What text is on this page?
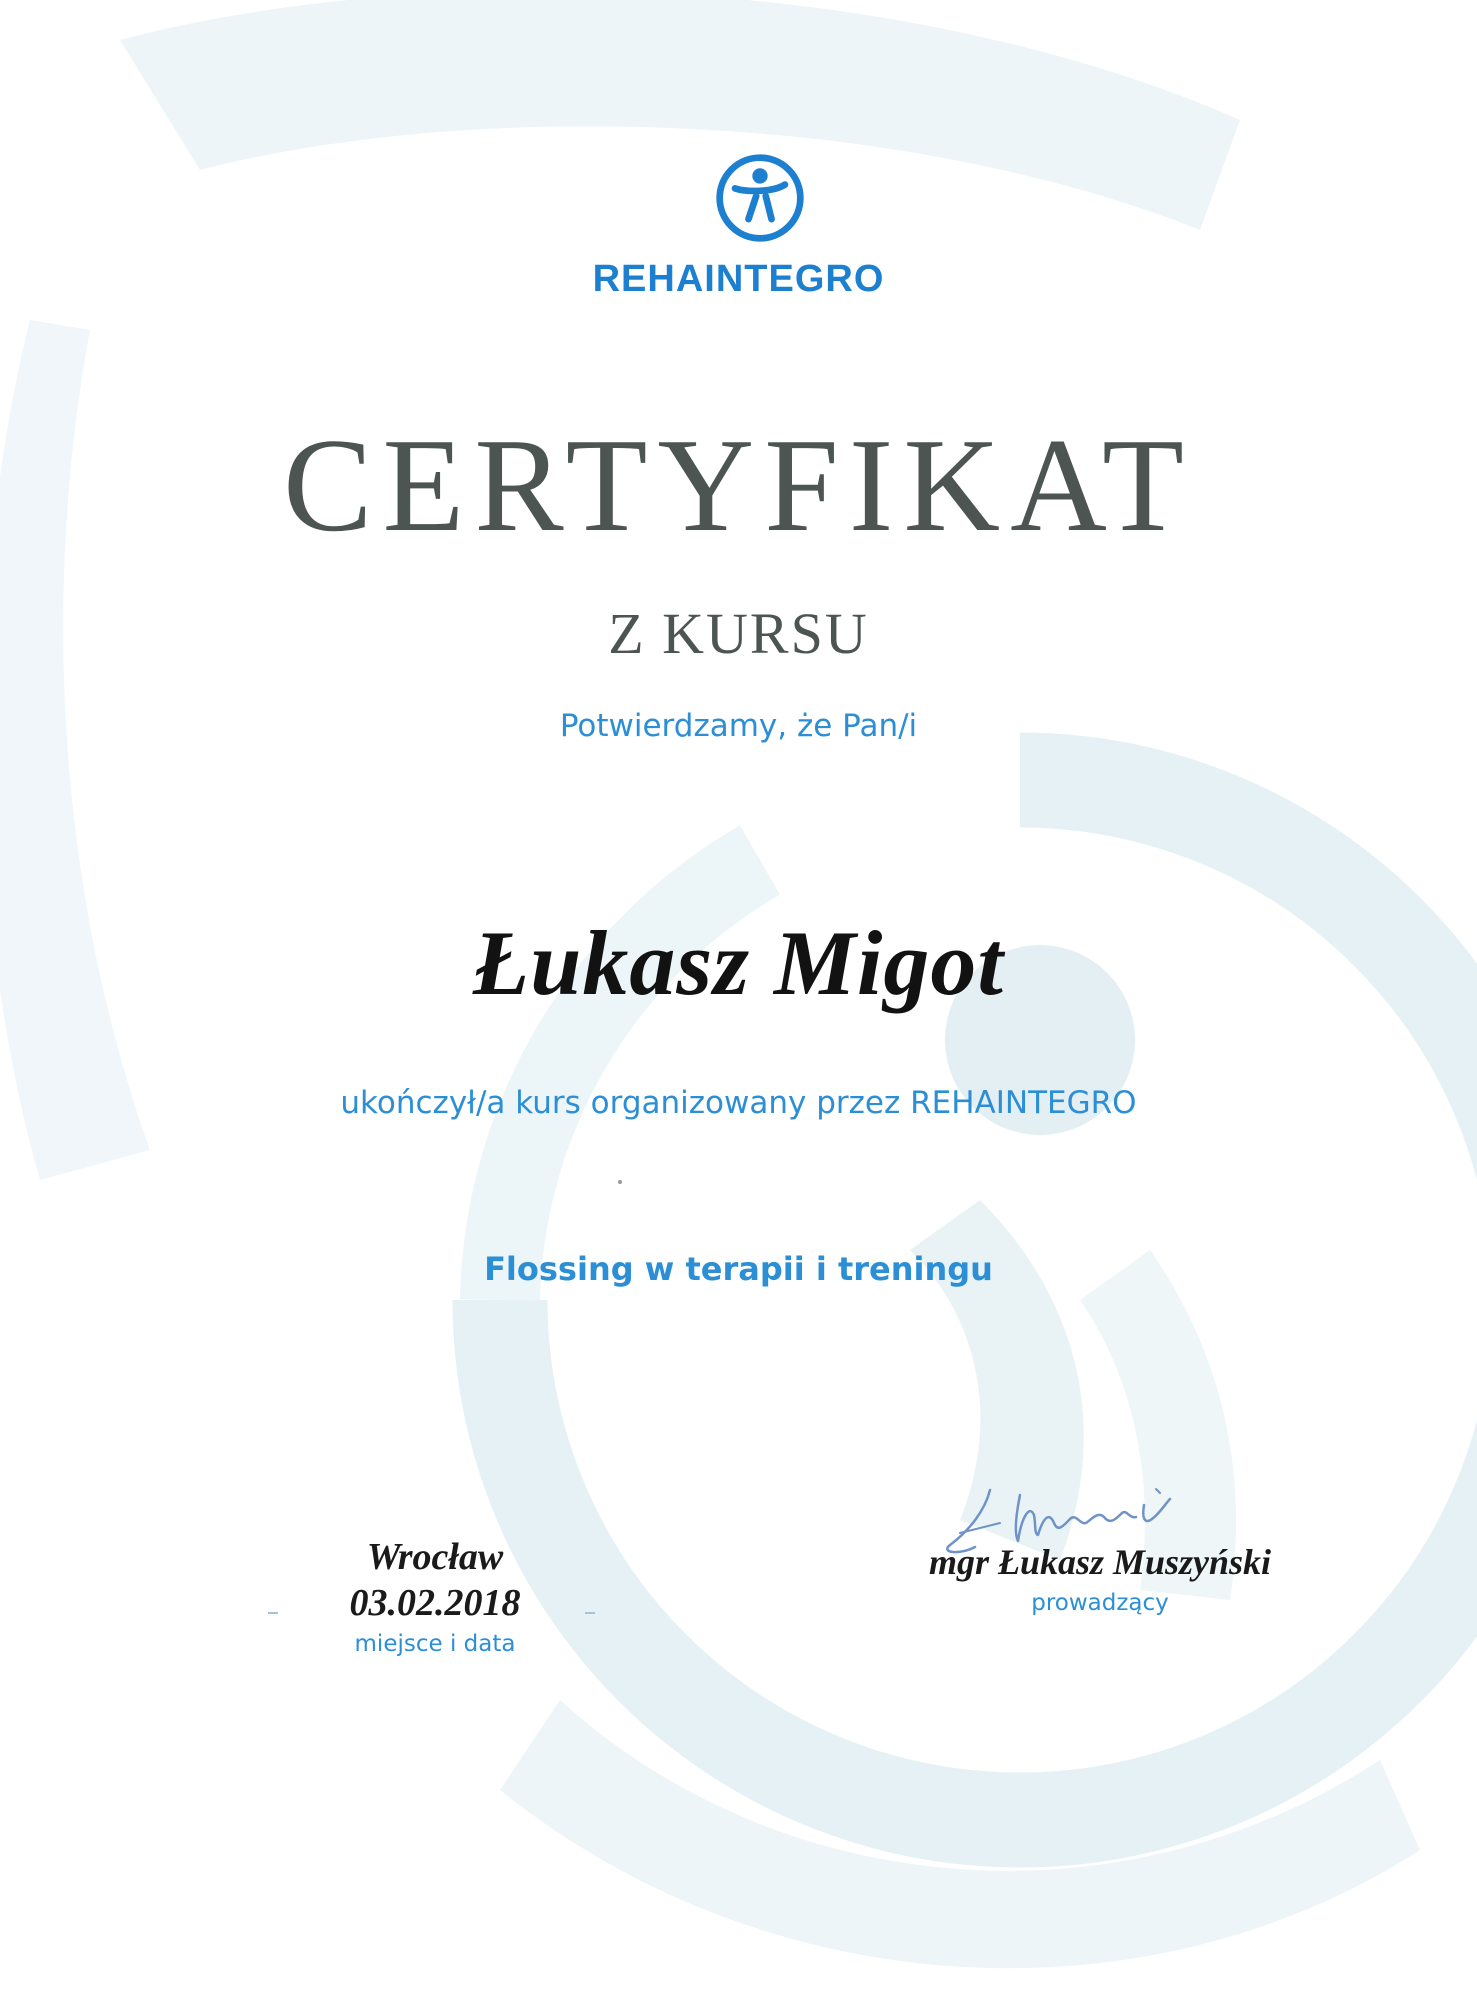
REHAINTEGRO
CERTYFIKAT
Z KURSU
Potwierdzamy, że Pan/i
Łukasz Migot
ukończył/a kurs organizowany przez REHAINTEGRO
Flossing w terapii i treningu
Wrocław
03.02.2018
miejsce i data
mgr Łukasz Muszyński
prowadzący
